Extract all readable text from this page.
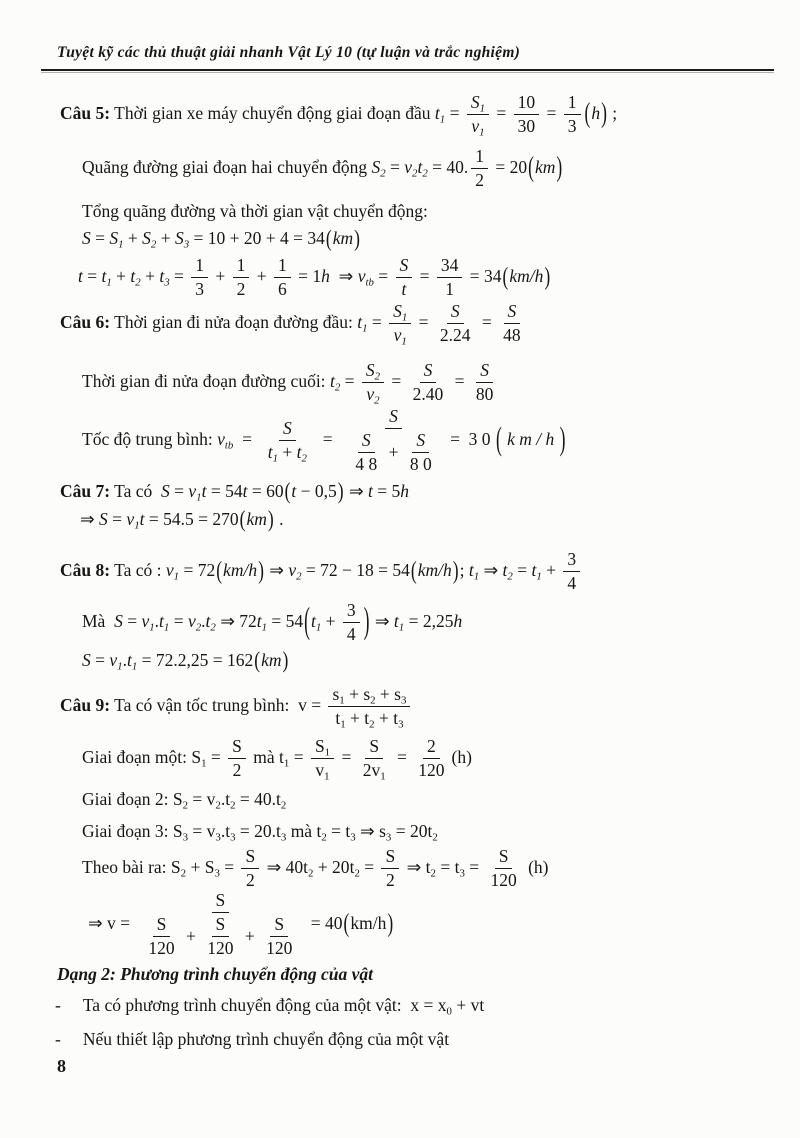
Tuyệt kỹ các thủ thuật giải nhanh Vật Lý 10 (tự luận và trắc nghiệm)
Câu 5: Thời gian xe máy chuyển động giai đoạn đầu $t_1 = \frac{S_1}{v_1} = \frac{10}{30} = \frac{1}{3}$ ( h ) ;
Quãng đường giai đoạn hai chuyển động $S_2 = v_2$ $t_2 = 40$. $\frac{1}{2} = 20$ ( km )
Tổng quãng đường và thời gian vật chuyển động:
$S = S_1 + S_2 + S_3 = 10 + 20 + 4 = 34$ ( km )
$t = t_1 + t_2 + t_3 = \frac{1}{3} + \frac{1}{2} + \frac{1}{6} = 1$ h ⇒ $v_{tb} = \frac{S}{t} = \frac{34}{1} = 34$ ( km/h )
Câu 6: Thời gian đi nửa đoạn đường đầu: $t_1 = \frac{S_1}{v_1} = \frac{S}{2.24} = \frac{S}{48}$
Thời gian đi nửa đoạn đường cuối: $t_2 = \frac{S_2}{v_2} = \frac{S}{2.40} = \frac{S}{80}$
Tốc độ trung bình: $v_{tb} = \frac{S}{t_1 + t_2} = \frac{S}{\frac{S}{4 8} + \frac{S}{8 0}} = 3$ 0 ( k m / h )
Câu 7: Ta có $S = v_1$ t = 54 t = 60 ( t − 0,5 ) ⇒ t = 5 h
⇒ $S = v_1$ t = 54.5 = 270 ( km ) .
Câu 8: Ta có : $v_1 = 72$ ( km/h ) ⇒ $v_2 = 72 - 18 = 54$ ( km/h ) ; $t_1$ ⇒ $t_2 = t_1 + \frac{3}{4}$
Mà $S = v_1$ . $t_1 = v_2$ . $t_2$ ⇒ 72 $t_1 = 54$ ( $t_1 + \frac{3}{4}$ ) ⇒ $t_1 = 2,25$ h
$S = v_1$ . $t_1 = 72.2,25 = 162$ ( km )
Câu 9: Ta có vận tốc trung bình:  $v = \frac{s_1 + s_2 + s_3}{t_1 + t_2 + t_3}$
Giai đoạn một: $S_1 = \frac{S}{2}$ mà $t_1 = \frac{S_1}{v_1} = \frac{S}{2 v_1} = \frac{2}{120} (h)$
Giai đoạn 2: $S_2 = v_2$ . $t_2 = 40$. $t_2$
Giai đoạn 3: $S_3 = v_3$ . $t_3 = 20$. $t_3$ mà $t_2 = t_3$ ⇒ $s_3 = 20$ $t_2$
Theo bài ra: $S_2 + S_3 = \frac{S}{2}$ ⇒ 40 $t_2 + 20$ $t_2 = \frac{S}{2}$ ⇒ $t_2 = t_3 = \frac{S}{120} (h)$
⇒ $v = \frac{S}{\frac{S}{120} + \frac{S}{120} + \frac{S}{120}} = 40$ ( km/h )
Dạng 2: Phương trình chuyển động của vật
- Ta có phương trình chuyển động của một vật:  $x = x_0$ + vt
- Nếu thiết lập phương trình chuyển động của một vật
8
